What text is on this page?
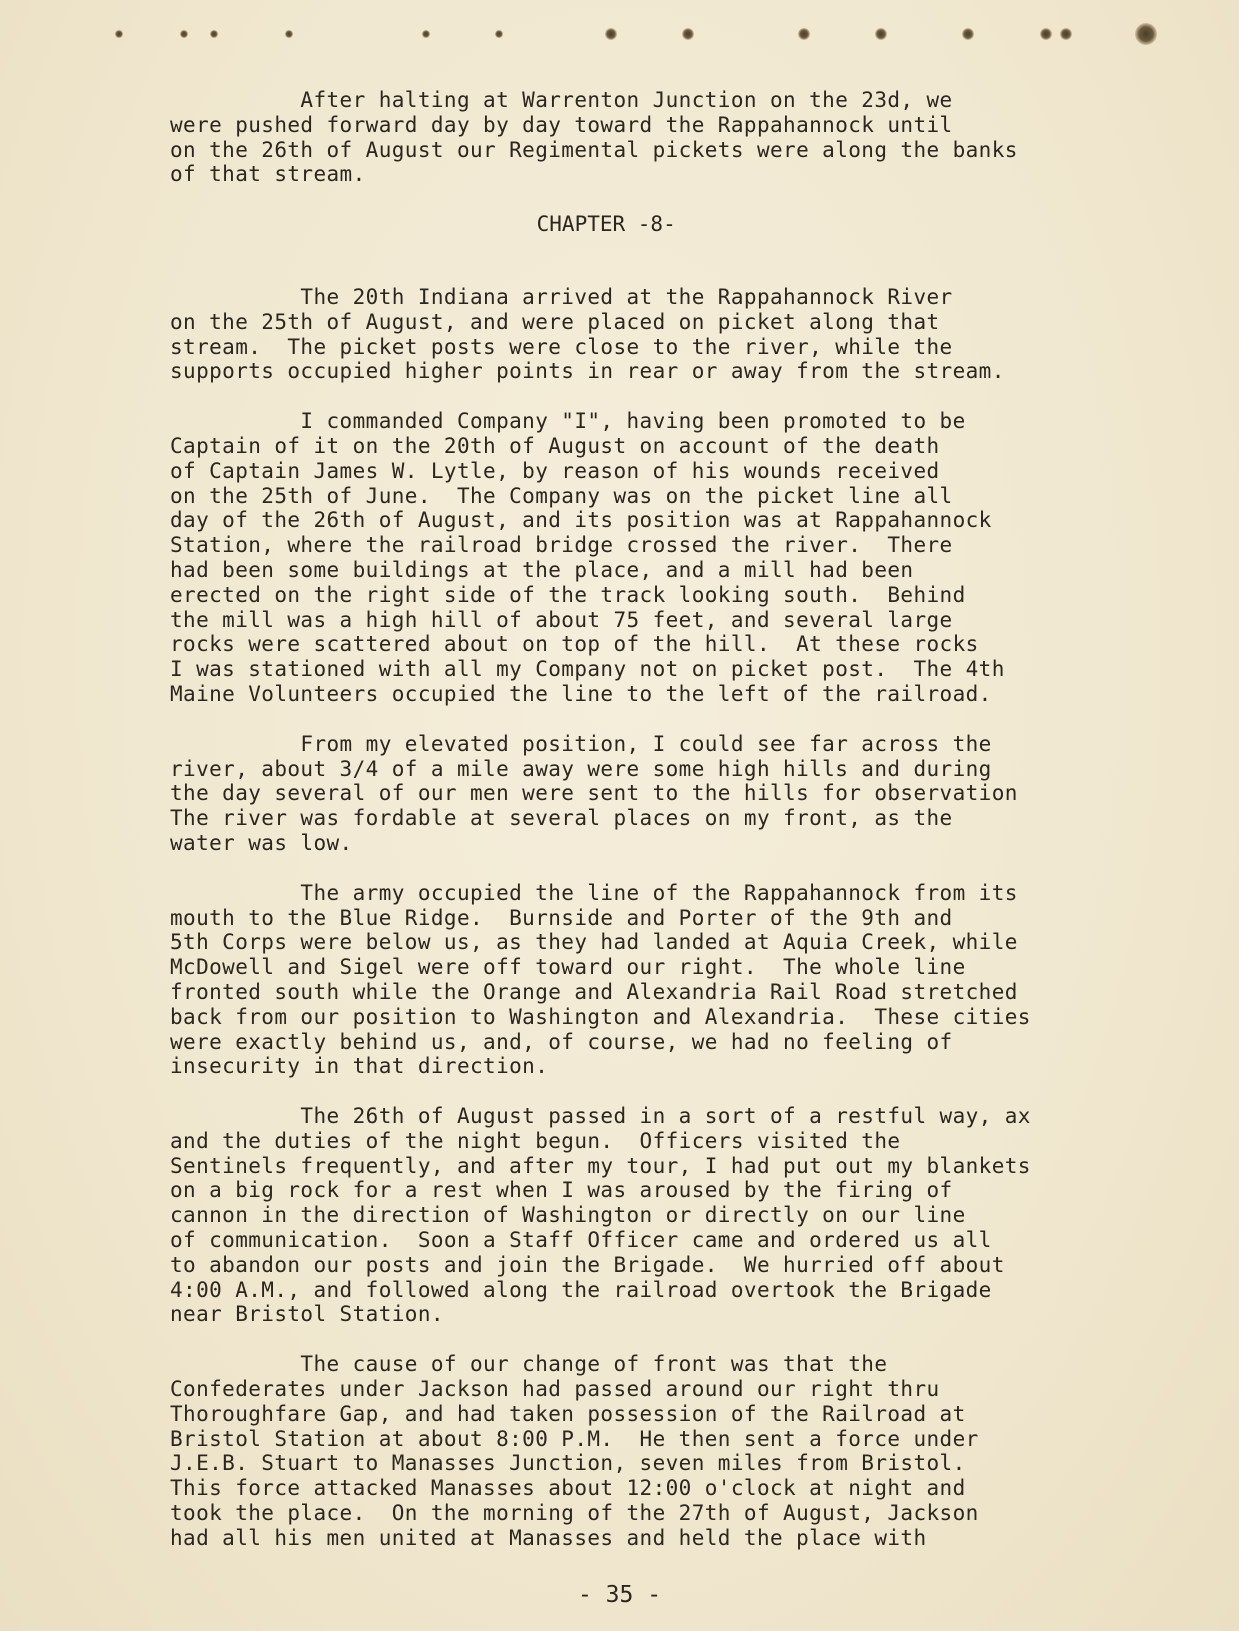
After halting at Warrenton Junction on the 23d, we
were pushed forward day by day toward the Rappahannock until
on the 26th of August our Regimental pickets were along the banks
of that stream.
CHAPTER -8-
The 20th Indiana arrived at the Rappahannock River
on the 25th of August, and were placed on picket along that
stream.  The picket posts were close to the river, while the
supports occupied higher points in rear or away from the stream.
I commanded Company "I", having been promoted to be
Captain of it on the 20th of August on account of the death
of Captain James W. Lytle, by reason of his wounds received
on the 25th of June.  The Company was on the picket line all
day of the 26th of August, and its position was at Rappahannock
Station, where the railroad bridge crossed the river.  There
had been some buildings at the place, and a mill had been
erected on the right side of the track looking south.  Behind
the mill was a high hill of about 75 feet, and several large
rocks were scattered about on top of the hill.  At these rocks
I was stationed with all my Company not on picket post.  The 4th
Maine Volunteers occupied the line to the left of the railroad.
From my elevated position, I could see far across the
river, about 3/4 of a mile away were some high hills and during
the day several of our men were sent to the hills for observation
The river was fordable at several places on my front, as the
water was low.
The army occupied the line of the Rappahannock from its
mouth to the Blue Ridge.  Burnside and Porter of the 9th and
5th Corps were below us, as they had landed at Aquia Creek, while
McDowell and Sigel were off toward our right.  The whole line
fronted south while the Orange and Alexandria Rail Road stretched
back from our position to Washington and Alexandria.  These cities
were exactly behind us, and, of course, we had no feeling of
insecurity in that direction.
The 26th of August passed in a sort of a restful way, ax
and the duties of the night begun.  Officers visited the
Sentinels frequently, and after my tour, I had put out my blankets
on a big rock for a rest when I was aroused by the firing of
cannon in the direction of Washington or directly on our line
of communication.  Soon a Staff Officer came and ordered us all
to abandon our posts and join the Brigade.  We hurried off about
4:00 A.M., and followed along the railroad overtook the Brigade
near Bristol Station.
The cause of our change of front was that the
Confederates under Jackson had passed around our right thru
Thoroughfare Gap, and had taken possession of the Railroad at
Bristol Station at about 8:00 P.M.  He then sent a force under
J.E.B. Stuart to Manasses Junction, seven miles from Bristol.
This force attacked Manasses about 12:00 o'clock at night and
took the place.  On the morning of the 27th of August, Jackson
had all his men united at Manasses and held the place with
- 35 -
